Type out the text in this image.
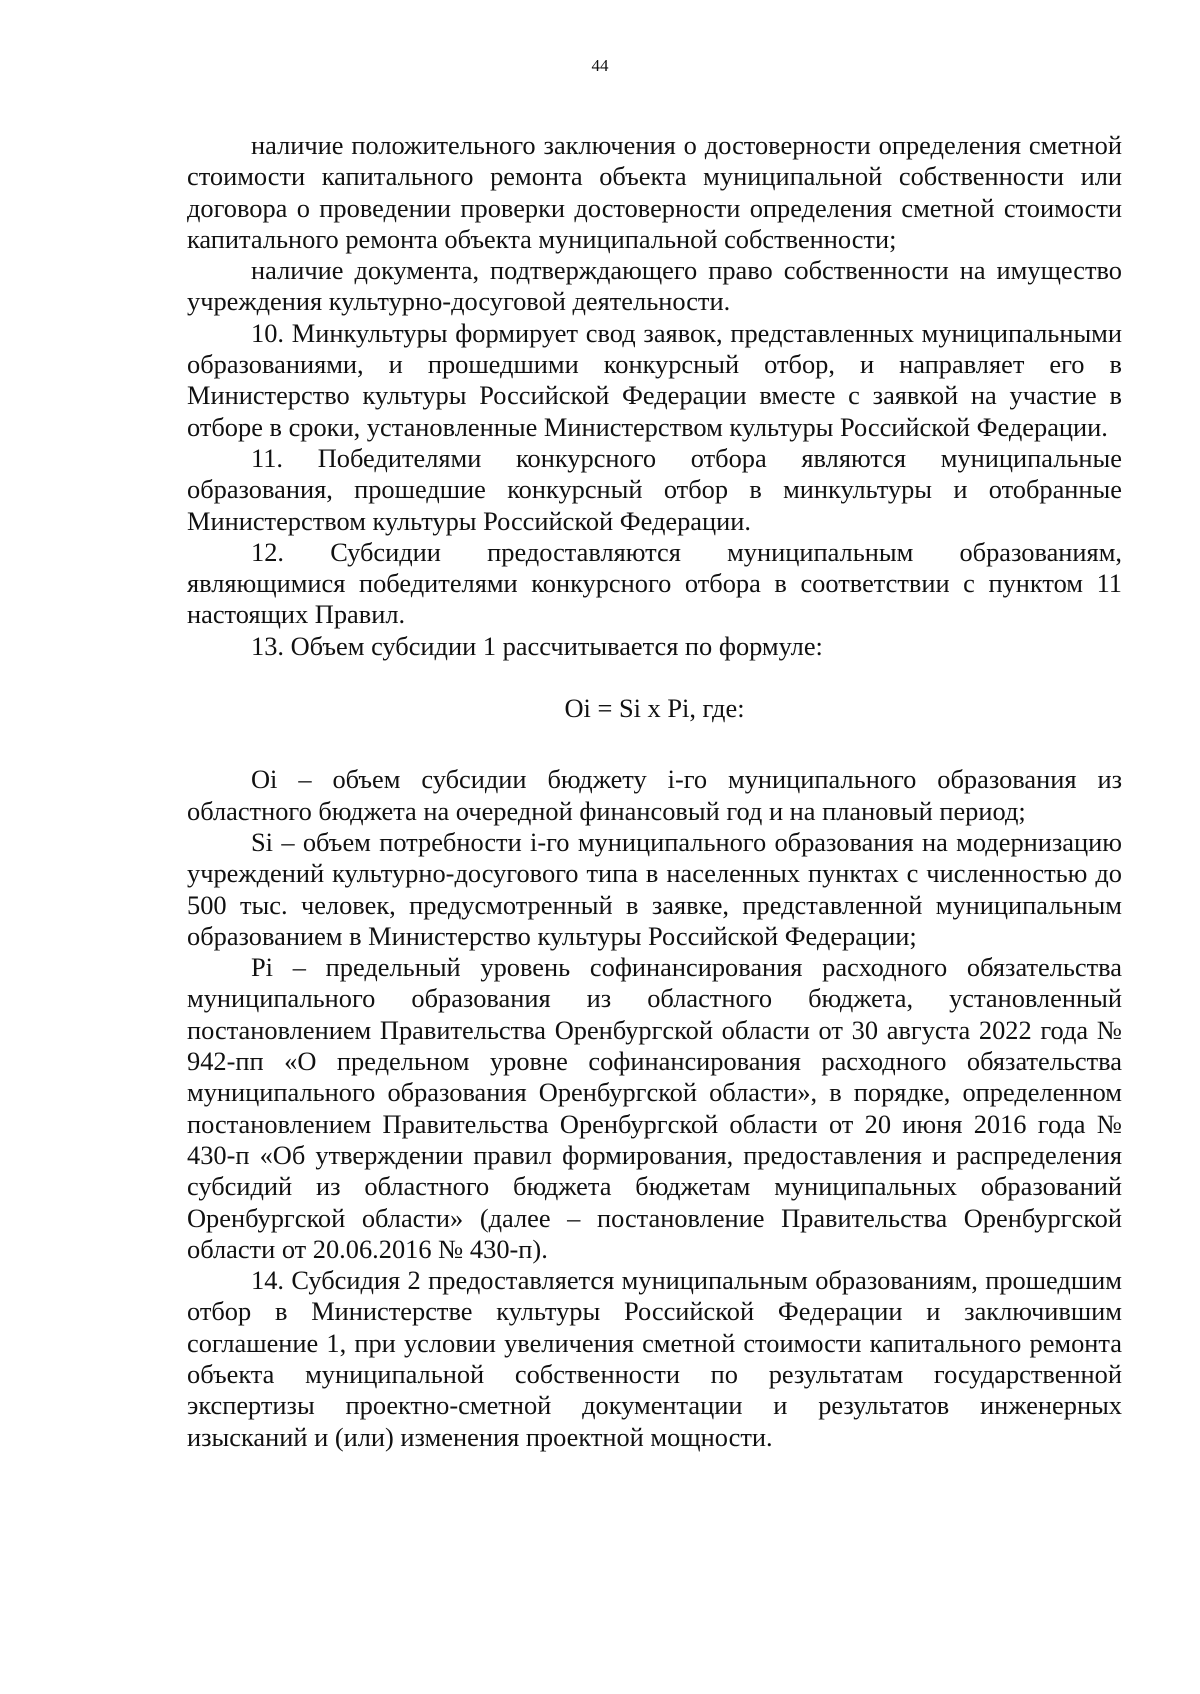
44

наличие положительного заключения о достоверности определения сметной стоимости капитального ремонта объекта муниципальной собственности или договора о проведении проверки достоверности определения сметной стоимости капитального ремонта объекта муниципальной собственности;

наличие документа, подтверждающего право собственности на имущество учреждения культурно-досуговой деятельности.

10. Минкультуры формирует свод заявок, представленных муниципальными образованиями, и прошедшими конкурсный отбор, и направляет его в Министерство культуры Российской Федерации вместе с заявкой на участие в отборе в сроки, установленные Министерством культуры Российской Федерации.

11. Победителями конкурсного отбора являются муниципальные образования, прошедшие конкурсный отбор в минкультуры и отобранные Министерством культуры Российской Федерации.

12. Субсидии предоставляются муниципальным образованиям, являющимися победителями конкурсного отбора в соответствии с пунктом 11 настоящих Правил.

13. Объем субсидии 1 рассчитывается по формуле:

Oi = Si x Pi, где:

Oi – объем субсидии бюджету i-го муниципального образования из областного бюджета на очередной финансовый год и на плановый период;

Si – объем потребности i-го муниципального образования на модернизацию учреждений культурно-досугового типа в населенных пунктах с численностью до 500 тыс. человек, предусмотренный в заявке, представленной муниципальным образованием в Министерство культуры Российской Федерации;

Pi – предельный уровень софинансирования расходного обязательства муниципального образования из областного бюджета, установленный постановлением Правительства Оренбургской области от 30 августа 2022 года № 942-пп «О предельном уровне софинансирования расходного обязательства муниципального образования Оренбургской области», в порядке, определенном постановлением Правительства Оренбургской области от 20 июня 2016 года № 430-п «Об утверждении правил формирования, предоставления и распределения субсидий из областного бюджета бюджетам муниципальных образований Оренбургской области» (далее – постановление Правительства Оренбургской области от 20.06.2016 № 430-п).

14. Субсидия 2 предоставляется муниципальным образованиям, прошедшим отбор в Министерстве культуры Российской Федерации и заключившим соглашение 1, при условии увеличения сметной стоимости капитального ремонта объекта муниципальной собственности по результатам государственной экспертизы проектно-сметной документации и результатов инженерных изысканий и (или) изменения проектной мощности.
